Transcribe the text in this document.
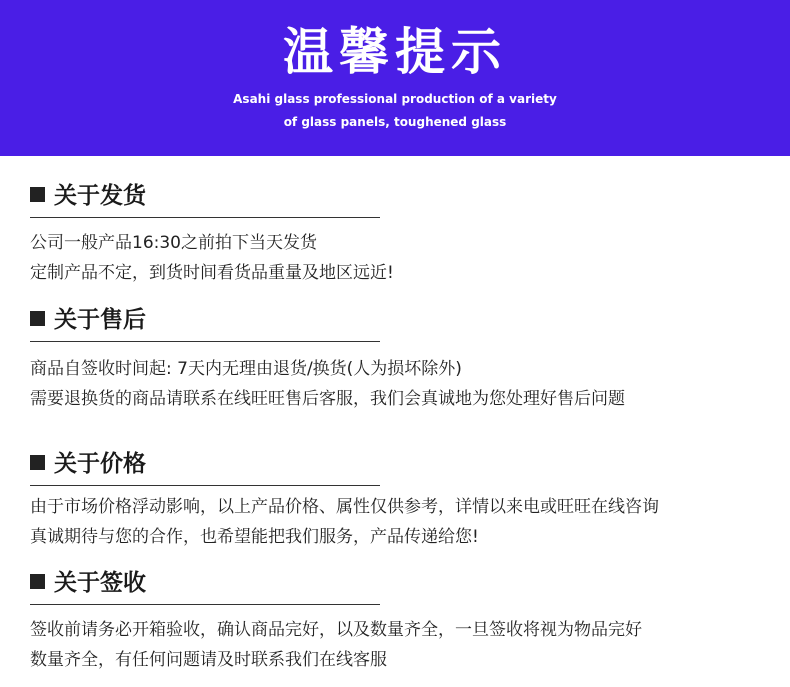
温馨提示
Asahi glass professional production of a variety
of glass panels, toughened glass
关于发货
公司一般产品16:30之前拍下当天发货
定制产品不定，到货时间看货品重量及地区远近!
关于售后
商品自签收时间起: 7天内无理由退货/换货(人为损坏除外)
需要退换货的商品请联系在线旺旺售后客服，我们会真诚地为您处理好售后问题
关于价格
由于市场价格浮动影响，以上产品价格、属性仅供参考，详情以来电或旺旺在线咨询
真诚期待与您的合作，也希望能把我们服务，产品传递给您!
关于签收
签收前请务必开箱验收，确认商品完好，以及数量齐全，一旦签收将视为物品完好
数量齐全，有任何问题请及时联系我们在线客服
